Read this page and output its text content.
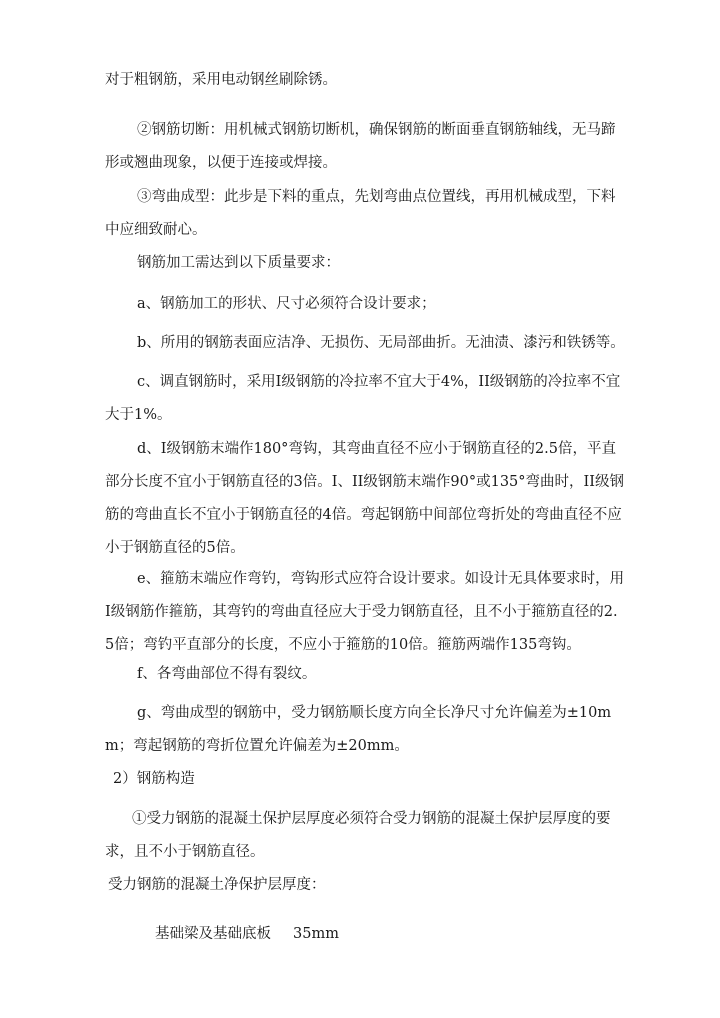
对于粗钢筋，采用电动钢丝刷除锈。

②钢筋切断：用机械式钢筋切断机，确保钢筋的断面垂直钢筋轴线，无马蹄形或翘曲现象，以便于连接或焊接。

③弯曲成型：此步是下料的重点，先划弯曲点位置线，再用机械成型，下料中应细致耐心。

钢筋加工需达到以下质量要求：

a、钢筋加工的形状、尺寸必须符合设计要求；

b、所用的钢筋表面应洁净、无损伤、无局部曲折。无油渍、漆污和铁锈等。

c、调直钢筋时，采用Ⅰ级钢筋的冷拉率不宜大于4%，II级钢筋的冷拉率不宜大于1%。

d、Ⅰ级钢筋末端作180°弯钩，其弯曲直径不应小于钢筋直径的2.5倍，平直部分长度不宜小于钢筋直径的3倍。I、II级钢筋末端作90°或135°弯曲时，II级钢筋的弯曲直长不宜小于钢筋直径的4倍。弯起钢筋中间部位弯折处的弯曲直径不应小于钢筋直径的5倍。

e、箍筋末端应作弯钓，弯钩形式应符合设计要求。如设计无具体要求时，用Ⅰ级钢筋作箍筋，其弯钓的弯曲直径应大于受力钢筋直径，且不小于箍筋直径的2.5倍；弯钓平直部分的长度，不应小于箍筋的10倍。箍筋两端作135弯钩。

f、各弯曲部位不得有裂纹。

g、弯曲成型的钢筋中，受力钢筋顺长度方向全长净尺寸允许偏差为±10mm；弯起钢筋的弯折位置允许偏差为±20mm。

2）钢筋构造

①受力钢筋的混凝土保护层厚度必须符合受力钢筋的混凝土保护层厚度的要求，且不小于钢筋直径。

受力钢筋的混凝土净保护层厚度：

基础梁及基础底板 35mm
